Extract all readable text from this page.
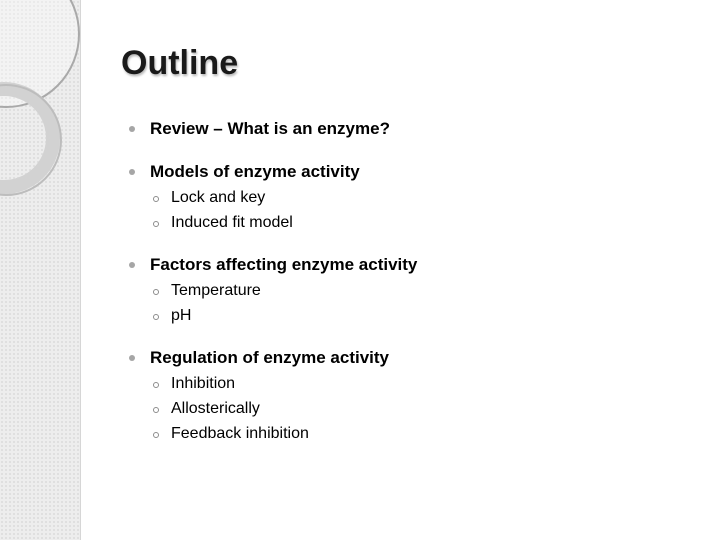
Outline
Review – What is an enzyme?
Models of enzyme activity
Lock and key
Induced fit model
Factors affecting enzyme activity
Temperature
pH
Regulation of enzyme activity
Inhibition
Allosterically
Feedback inhibition
